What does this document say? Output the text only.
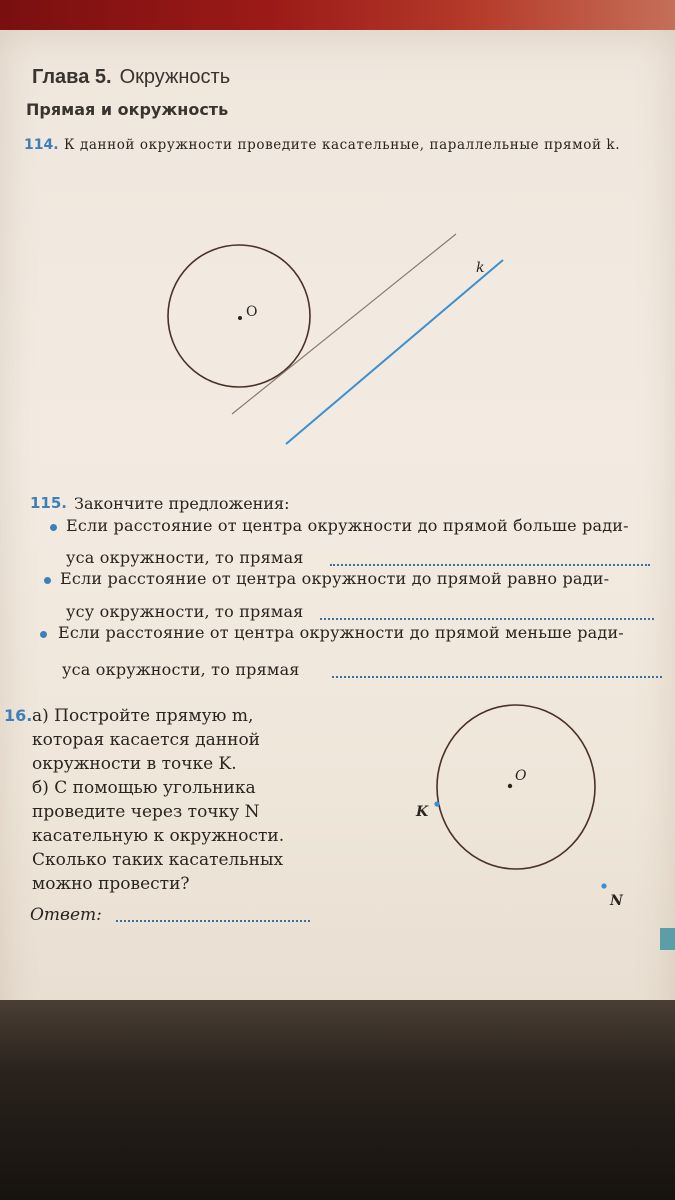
Глава 5. Окружность
Прямая и окружность
114. К данной окружности проведите касательные, параллельные прямой k.
O
k
115. Закончите предложения:
Если расстояние от центра окружности до прямой больше ради-
уса окружности, то прямая
Если расстояние от центра окружности до прямой равно ради-
усу окружности, то прямая
Если расстояние от центра окружности до прямой меньше ради-
уса окружности, то прямая
16. а) Постройте прямую m, которая касается данной окружности в точке K.
б) С помощью угольника проведите через точку N касательную к окружности. Сколько таких касательных можно провести?
Ответ:
O
K
N
